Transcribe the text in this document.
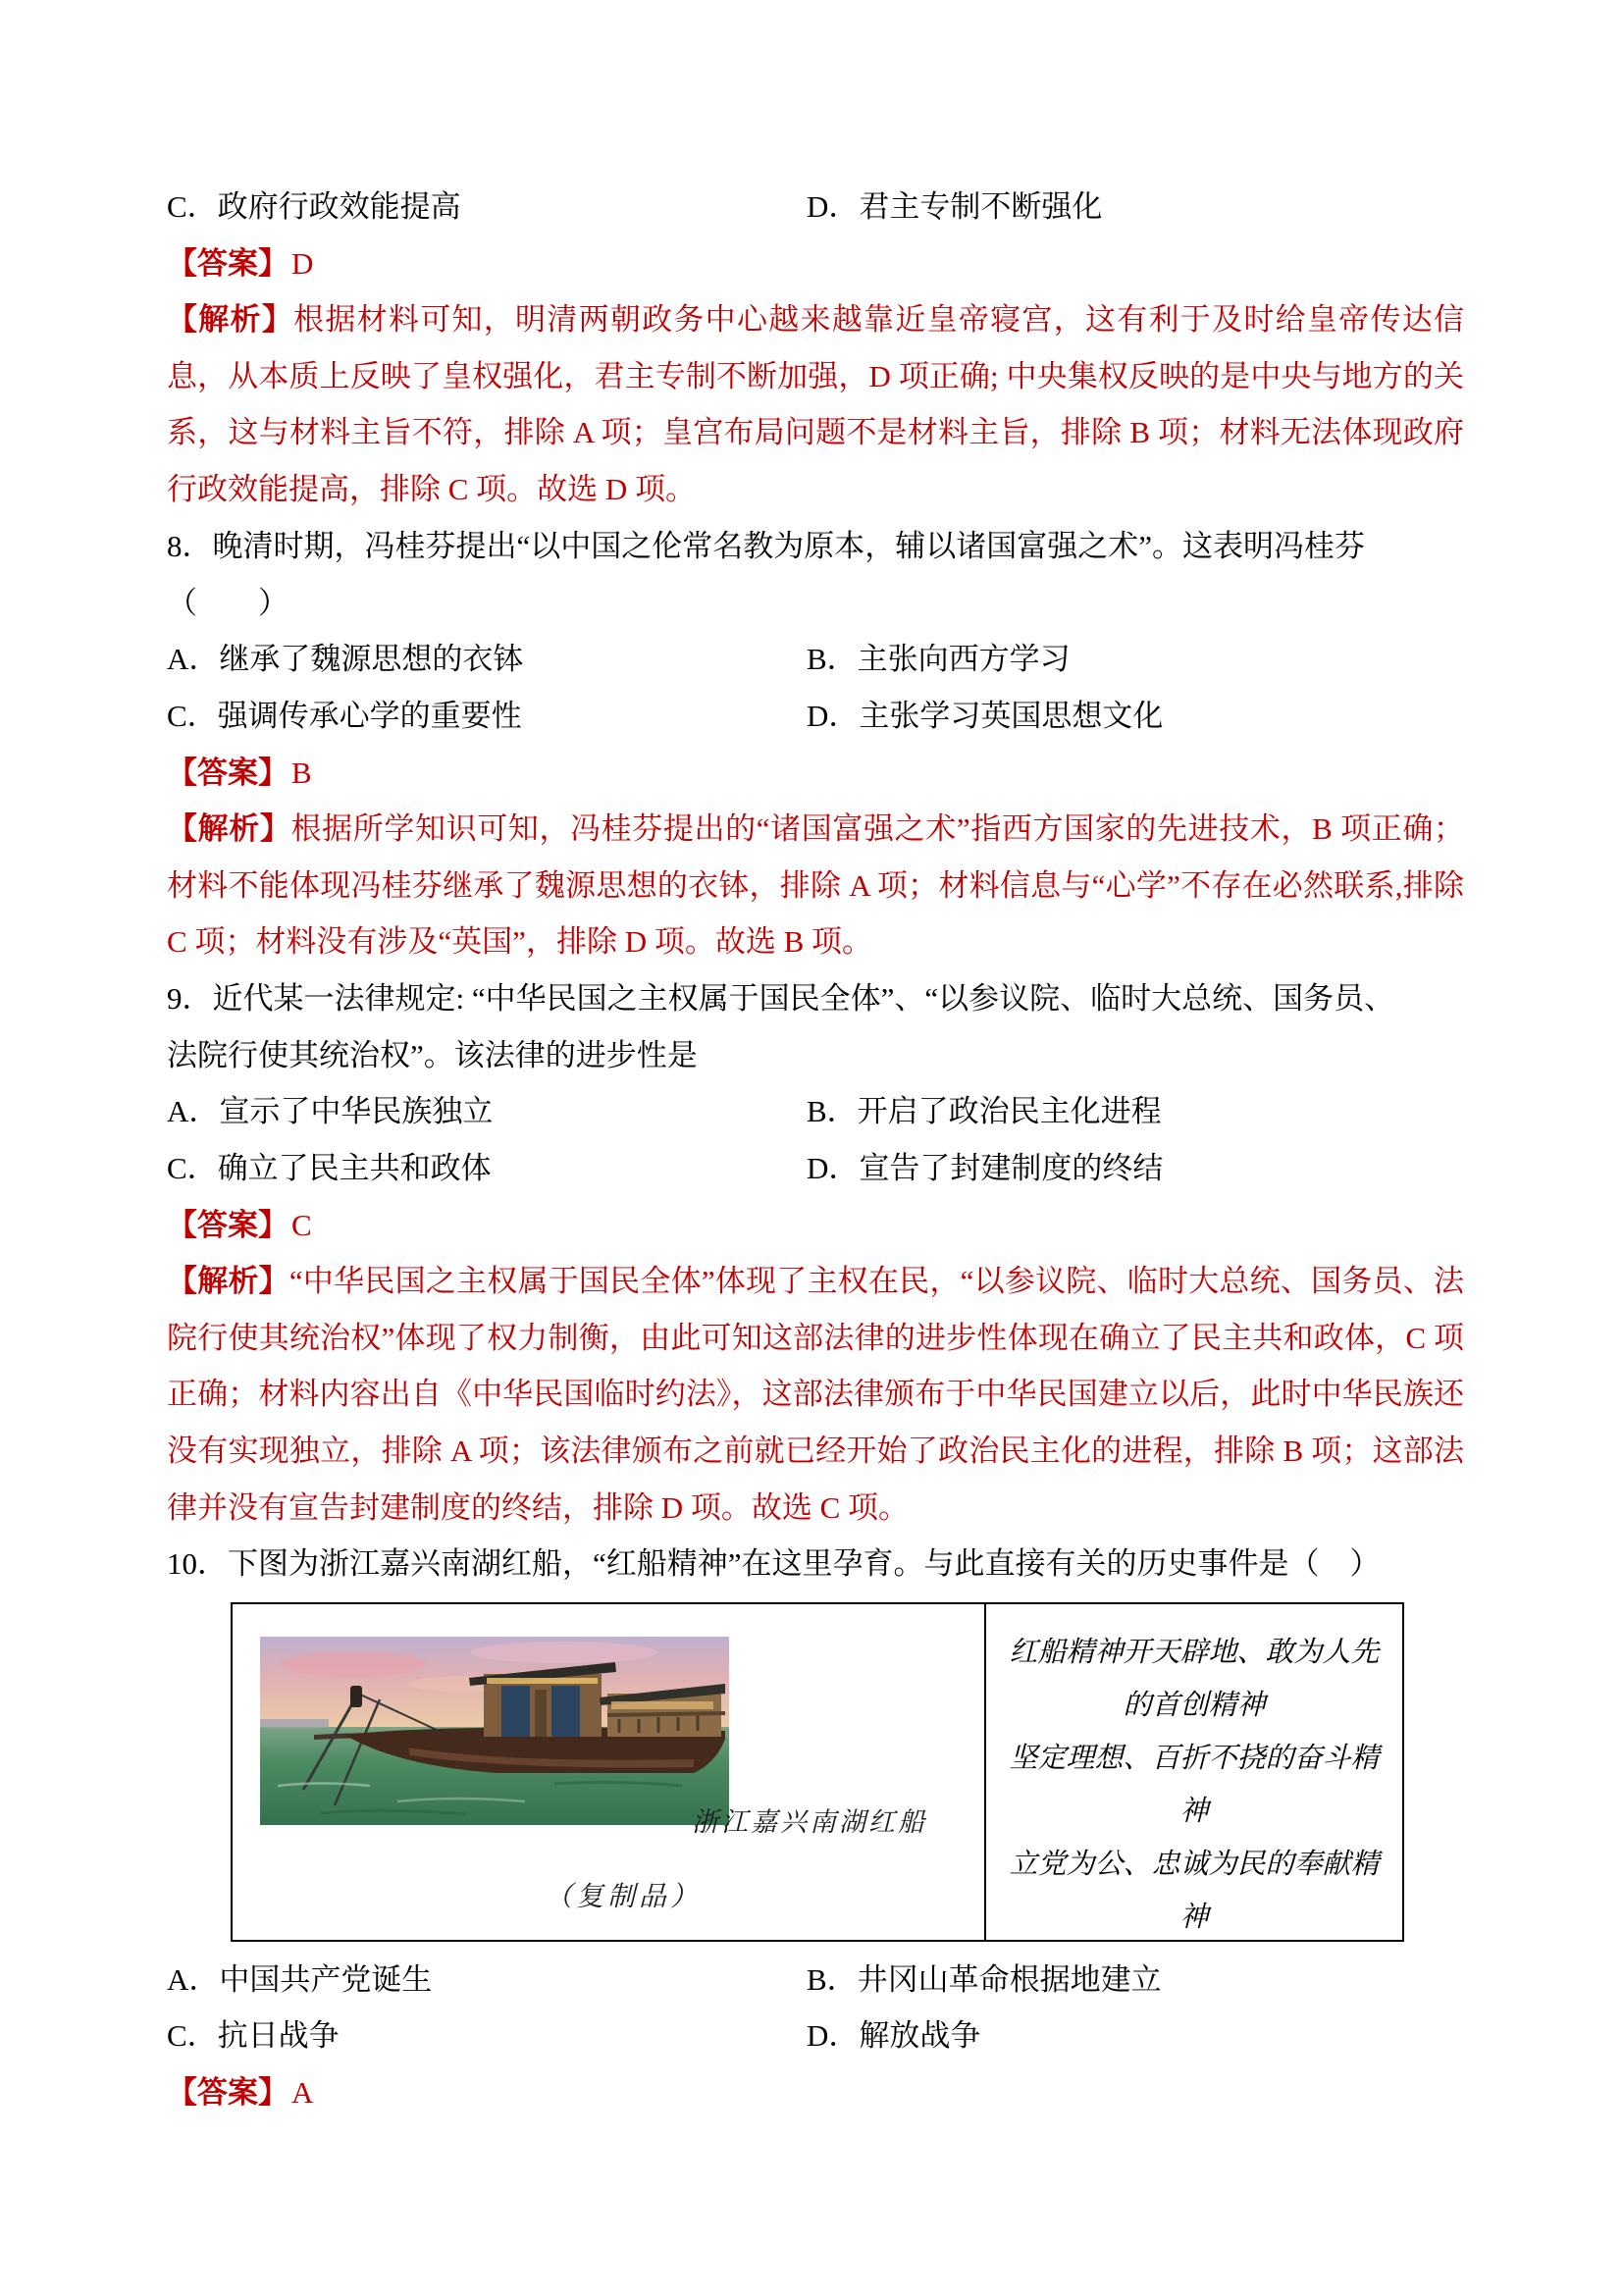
C．政府行政效能提高	D．君主专制不断强化

【答案】D

【解析】根据材料可知，明清两朝政务中心越来越靠近皇帝寝宫，这有利于及时给皇帝传达信息，从本质上反映了皇权强化，君主专制不断加强，D 项正确; 中央集权反映的是中央与地方的关系，这与材料主旨不符，排除 A 项；皇宫布局问题不是材料主旨，排除 B 项；材料无法体现政府行政效能提高，排除 C 项。故选 D 项。

8．晚清时期，冯桂芬提出“以中国之伦常名教为原本，辅以诸国富强之术”。这表明冯桂芬

（　　）

A．继承了魏源思想的衣钵	B．主张向西方学习
C．强调传承心学的重要性	D．主张学习英国思想文化

【答案】B

【解析】根据所学知识可知，冯桂芬提出的“诸国富强之术”指西方国家的先进技术，B 项正确；材料不能体现冯桂芬继承了魏源思想的衣钵，排除 A 项；材料信息与“心学”不存在必然联系,排除 C 项；材料没有涉及“英国”，排除 D 项。故选 B 项。

9．近代某一法律规定: “中华民国之主权属于国民全体”、“以参议院、临时大总统、国务员、

法院行使其统治权”。该法律的进步性是

A．宣示了中华民族独立	B．开启了政治民主化进程
C．确立了民主共和政体	D．宣告了封建制度的终结

【答案】C

【解析】“中华民国之主权属于国民全体”体现了主权在民，“以参议院、临时大总统、国务员、法院行使其统治权”体现了权力制衡，由此可知这部法律的进步性体现在确立了民主共和政体，C 项正确；材料内容出自《中华民国临时约法》，这部法律颁布于中华民国建立以后，此时中华民族还没有实现独立，排除 A 项；该法律颁布之前就已经开始了政治民主化的进程，排除 B 项；这部法律并没有宣告封建制度的终结，排除 D 项。故选 C 项。

10．下图为浙江嘉兴南湖红船，“红船精神”在这里孕育。与此直接有关的历史事件是（　）

浙江嘉兴南湖红船
（复制品）

红船精神开天辟地、敢为人先的首创精神

坚定理想、百折不挠的奋斗精神

立党为公、忠诚为民的奉献精神

A．中国共产党诞生	B．井冈山革命根据地建立
C．抗日战争	D．解放战争

【答案】A
